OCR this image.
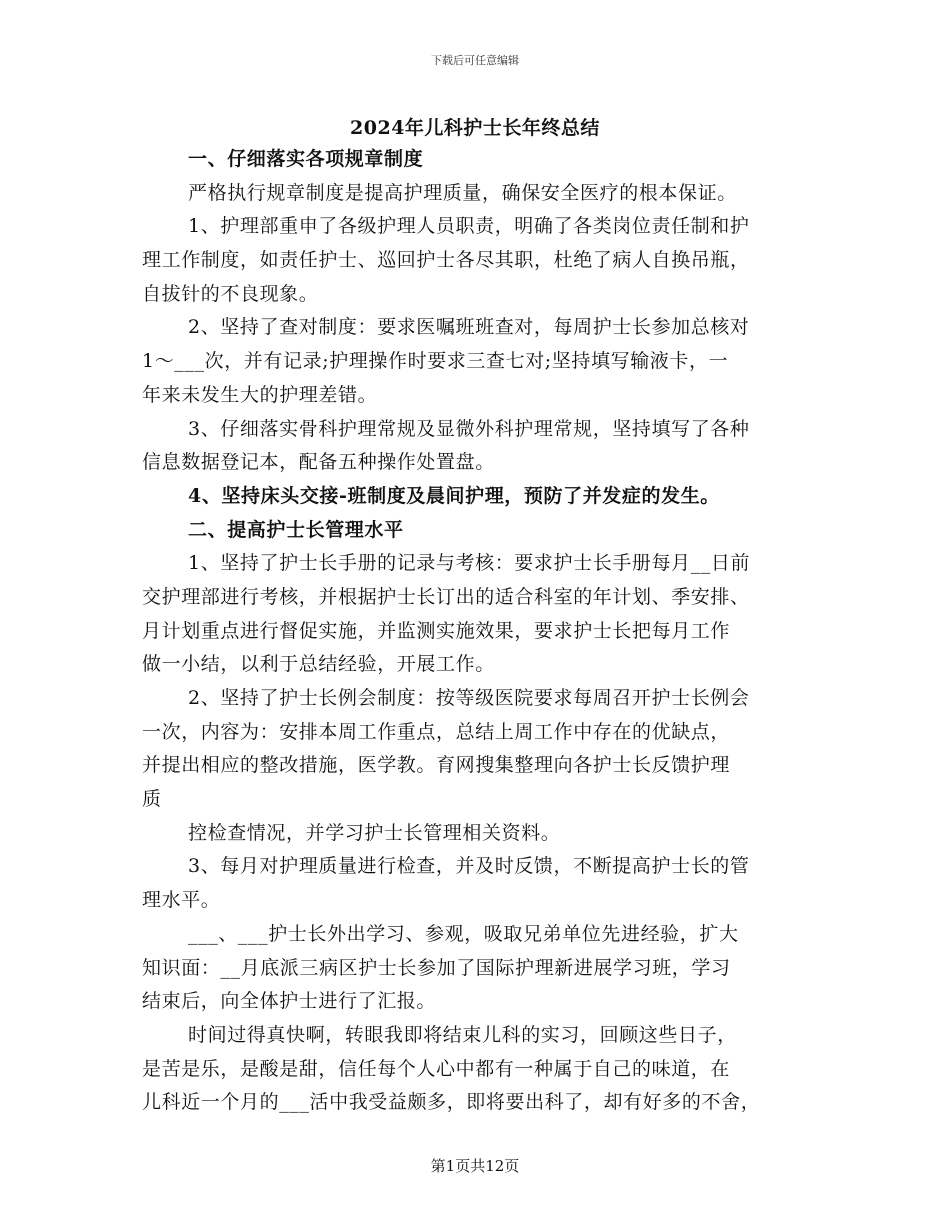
下载后可任意编辑
2024年儿科护士长年终总结
一、仔细落实各项规章制度
严格执行规章制度是提高护理质量，确保安全医疗的根本保证。
1、护理部重申了各级护理人员职责，明确了各类岗位责任制和护
理工作制度，如责任护士、巡回护士各尽其职，杜绝了病人自换吊瓶，
自拔针的不良现象。
2、坚持了查对制度：要求医嘱班班查对，每周护士长参加总核对
1～___次，并有记录;护理操作时要求三查七对;坚持填写输液卡，一
年来未发生大的护理差错。
3、仔细落实骨科护理常规及显微外科护理常规，坚持填写了各种
信息数据登记本，配备五种操作处置盘。
4、坚持床头交接-班制度及晨间护理，预防了并发症的发生。
二、提高护士长管理水平
1、坚持了护士长手册的记录与考核：要求护士长手册每月__日前
交护理部进行考核，并根据护士长订出的适合科室的年计划、季安排、
月计划重点进行督促实施，并监测实施效果，要求护士长把每月工作
做一小结，以利于总结经验，开展工作。
2、坚持了护士长例会制度：按等级医院要求每周召开护士长例会
一次，内容为：安排本周工作重点，总结上周工作中存在的优缺点，
并提出相应的整改措施，医学教。育网搜集整理向各护士长反馈护理
质
控检查情况，并学习护士长管理相关资料。
3、每月对护理质量进行检查，并及时反馈，不断提高护士长的管
理水平。
___、___护士长外出学习、参观，吸取兄弟单位先进经验，扩大
知识面：__月底派三病区护士长参加了国际护理新进展学习班，学习
结束后，向全体护士进行了汇报。
时间过得真快啊，转眼我即将结束儿科的实习，回顾这些日子，
是苦是乐，是酸是甜，信任每个人心中都有一种属于自己的味道，在
儿科近一个月的___活中我受益颇多，即将要出科了，却有好多的不舍，
第1页共12页
